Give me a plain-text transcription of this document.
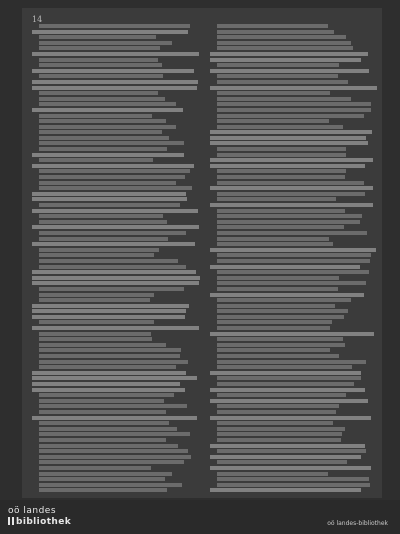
14
oö landes
bibliothek	oö landes-bibliothek
